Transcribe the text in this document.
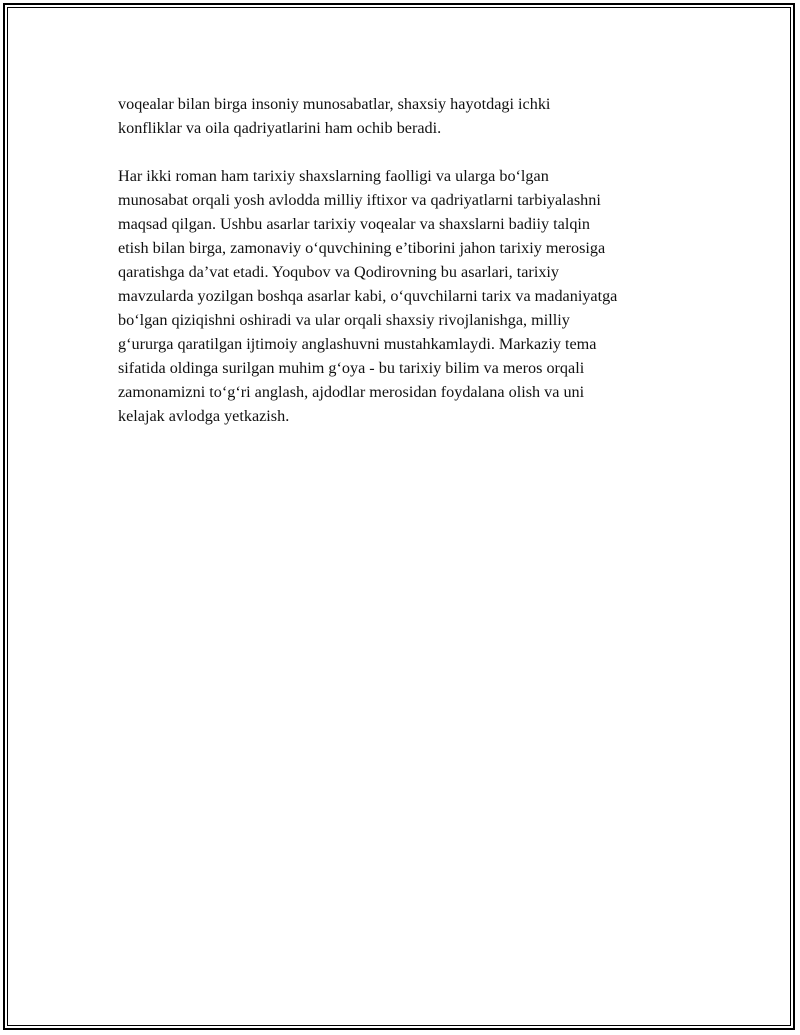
voqealar bilan birga insoniy munosabatlar, shaxsiy hayotdagi ichki
konfliklar va oila qadriyatlarini ham ochib beradi.
Har ikki roman ham tarixiy shaxslarning faolligi va ularga boʻlgan
munosabat orqali yosh avlodda milliy iftixor va qadriyatlarni tarbiyalashni
maqsad qilgan. Ushbu asarlar tarixiy voqealar va shaxslarni badiiy talqin
etish bilan birga, zamonaviy oʻquvchining e’tiborini jahon tarixiy merosiga
qaratishga da’vat etadi. Yoqubov va Qodirovning bu asarlari, tarixiy
mavzularda yozilgan boshqa asarlar kabi, oʻquvchilarni tarix va madaniyatga
boʻlgan qiziqishni oshiradi va ular orqali shaxsiy rivojlanishga, milliy
gʻururga qaratilgan ijtimoiy anglashuvni mustahkamlaydi. Markaziy tema
sifatida oldinga surilgan muhim gʻoya - bu tarixiy bilim va meros orqali
zamonamizni toʻgʻri anglash, ajdodlar merosidan foydalana olish va uni
kelajak avlodga yetkazish.
